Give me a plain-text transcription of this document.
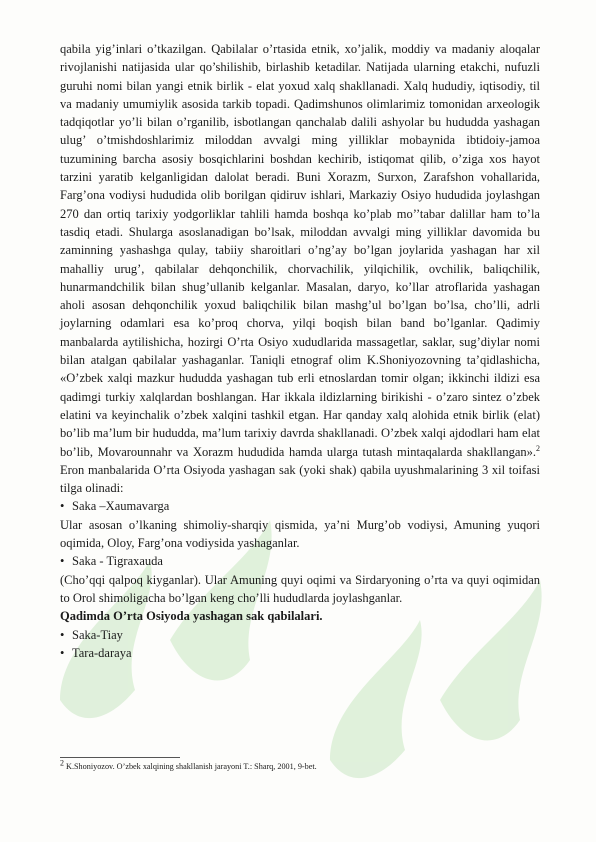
qabila yig’inlari o’tkazilgan. Qabilalar o’rtasida etnik, xo’jalik, moddiy va madaniy aloqalar rivojlanishi natijasida ular qo’shilishib, birlashib ketadilar. Natijada ularning etakchi, nufuzli guruhi nomi bilan yangi etnik birlik - elat yoxud xalq shakllanadi. Xalq hududiy, iqtisodiy, til va madaniy umumiylik asosida tarkib topadi. Qadimshunos olimlarimiz tomonidan arxeologik tadqiqotlar yo’li bilan o’rganilib, isbotlangan qanchalab dalili ashyolar bu hududda yashagan ulug’ o’tmishdoshlarimiz miloddan avvalgi ming yilliklar mobaynida ibtidoiy-jamoa tuzumining barcha asosiy bosqichlarini boshdan kechirib, istiqomat qilib, o’ziga xos hayot tarzini yaratib kelganligidan dalolat beradi. Buni Xorazm, Surxon, Zarafshon vohallarida, Farg’ona vodiysi hududida olib borilgan qidiruv ishlari, Markaziy Osiyo hududida joylashgan 270 dan ortiq tarixiy yodgorliklar tahlili hamda boshqa ko’plab mo’’tabar dalillar ham to’la tasdiq etadi. Shularga asoslanadigan bo’lsak, miloddan avvalgi ming yilliklar davomida bu zaminning yashashga qulay, tabiiy sharoitlari o’ng’ay bo’lgan joylarida yashagan har xil mahalliy urug’, qabilalar dehqonchilik, chorvachilik, yilqichilik, ovchilik, baliqchilik, hunarmandchilik bilan shug’ullanib kelganlar. Masalan, daryo, ko’llar atroflarida yashagan aholi asosan dehqonchilik yoxud baliqchilik bilan mashg’ul bo’lgan bo’lsa, cho’lli, adrli joylarning odamlari esa ko’proq chorva, yilqi boqish bilan band bo’lganlar. Qadimiy manbalarda aytilishicha, hozirgi O’rta Osiyo xududlarida massagetlar, saklar, sug’diylar nomi bilan atalgan qabilalar yashaganlar. Taniqli etnograf olim K.Shoniyozovning ta’qidlashicha, «O’zbek xalqi mazkur hududda yashagan tub erli etnoslardan tomir olgan; ikkinchi ildizi esa qadimgi turkiy xalqlardan boshlangan. Har ikkala ildizlarning birikishi - o’zaro sintez o’zbek elatini va keyinchalik o’zbek xalqini tashkil etgan. Har qanday xalq alohida etnik birlik (elat) bo’lib ma’lum bir hududda, ma’lum tarixiy davrda shakllanadi. O’zbek xalqi ajdodlari ham elat bo’lib, Movarounnahr va Xorazm hududida hamda ularga tutash mintaqalarda shakllangan».$^2$ Eron manbalarida O’rta Osiyoda yashagan sak (yoki shak) qabila uyushmalarining 3 xil toifasi tilga olinadi:

• Saka –Xaumavarga

Ular asosan o’lkaning shimoliy-sharqiy qismida, ya’ni Murg’ob vodiysi, Amuning yuqori oqimida, Oloy, Farg’ona vodiysida yashaganlar.

• Saka - Tigraxauda

(Cho’qqi qalpoq kiyganlar). Ular Amuning quyi oqimi va Sirdaryoning o’rta va quyi oqimidan to Orol shimoligacha bo’lgan keng cho’lli hududlarda joylashganlar.

Qadimda O’rta Osiyoda yashagan sak qabilalari.

• Saka-Tiay

• Tara-daraya

2 K.Shoniyozov. O’zbek xalqining shakllanish jarayoni T.: Sharq, 2001, 9-bet.
